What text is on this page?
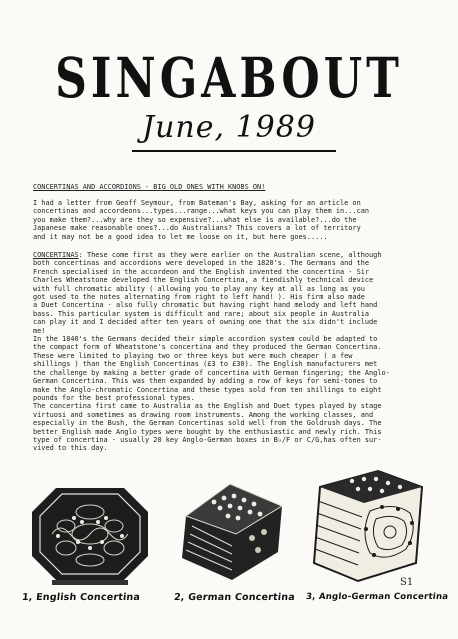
SINGABOUT
June, 1989
CONCERTINAS AND ACCORDIONS - BIG OLD ONES WITH KNOBS ON!
I had a letter from Geoff Seymour, from Bateman's Bay, asking for an article on
concertinas and accordeons...types...range...what keys you can play them in...can
you make them?...why are they so expensive?...what else is available?...do the
Japanese make reasonable ones?...do Australians? This covers a lot of territory
and it may not be a good idea to let me loose on it, but here goes.....
CONCERTINAS: These come first as they were earlier on the Australian scene, although
both concertinas and accordions were developed in the 1820's. The Germans and the
French specialised in the accordeon and the English invented the concertina - Sir
Charles Wheatstone developed the English Concertina, a fiendishly technical device
with full chromatic ability ( allowing you to play any key at all as long as you
got used to the notes alternating from right to left hand! ). His firm also made
a Duet Concertina - also fully chromatic but having right hand melody and left hand
bass. This particular system is difficult and rare; about six people in Australia
can play it and I decided after ten years of owning one that the six didn't include
me!
In the 1840's the Germans decided their simple accordion system could be adapted to
the compact form of Wheatstone's concertina and they produced the German Concertina.
These were limited to playing two or three keys but were much cheaper ( a few
shillings ) than the English Concertinas (£3 to £30). The English manufacturers met
the challenge by making a better grade of concertina with German fingering; the Anglo-
German Concertina. This was then expanded by adding a row of keys for semi-tones to
make the Anglo-chromatic Concertina and these types sold from ten shillings to eight
pounds for the best professional types.
The concertina first came to Australia as the English and Duet types played by stage
virtuosi and sometimes as drawing room instruments. Among the working classes, and
especially in the Bush, the German Concertinas sold well from the Goldrush days. The
better English made Anglo types were bought by the enthusiastic and newly rich. This
type of concertina - usually 20 key Anglo-German boxes in B♭/F or C/G,has often sur-
vived to this day.
S1
1, English Concertina	2, German Concertina 3, Anglo-German Concertina
